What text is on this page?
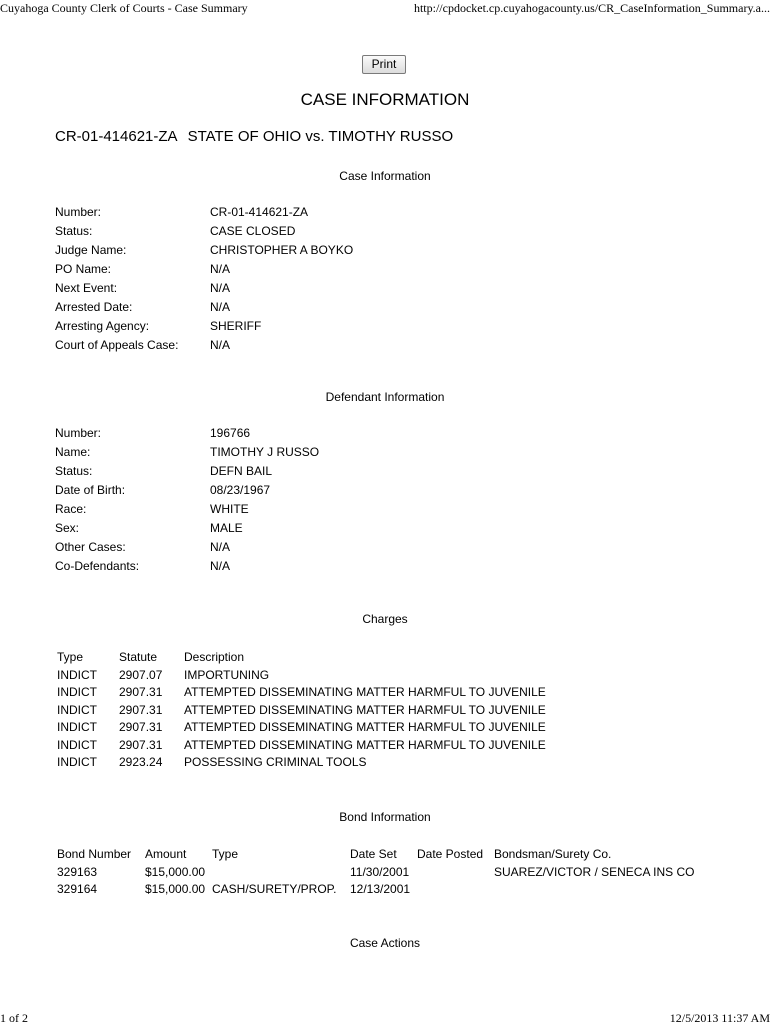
Cuyahoga County Clerk of Courts - Case Summary	http://cpdocket.cp.cuyahogacounty.us/CR_CaseInformation_Summary.a...
Print
CASE INFORMATION
CR-01-414621-ZA STATE OF OHIO vs. TIMOTHY RUSSO
Case Information
Number:	CR-01-414621-ZA
Status:	CASE CLOSED
Judge Name:	CHRISTOPHER A BOYKO
PO Name:	N/A
Next Event:	N/A
Arrested Date:	N/A
Arresting Agency:	SHERIFF
Court of Appeals Case:	N/A
Defendant Information
Number:	196766
Name:	TIMOTHY J RUSSO
Status:	DEFN BAIL
Date of Birth:	08/23/1967
Race:	WHITE
Sex:	MALE
Other Cases:	N/A
Co-Defendants:	N/A
Charges
Type	Statute	Description
INDICT	2907.07	IMPORTUNING
INDICT	2907.31	ATTEMPTED DISSEMINATING MATTER HARMFUL TO JUVENILE
INDICT	2907.31	ATTEMPTED DISSEMINATING MATTER HARMFUL TO JUVENILE
INDICT	2907.31	ATTEMPTED DISSEMINATING MATTER HARMFUL TO JUVENILE
INDICT	2907.31	ATTEMPTED DISSEMINATING MATTER HARMFUL TO JUVENILE
INDICT	2923.24	POSSESSING CRIMINAL TOOLS
Bond Information
Bond Number	Amount	Type	Date Set	Date Posted	Bondsman/Surety Co.
329163	$15,000.00		11/30/2001		SUAREZ/VICTOR / SENECA INS CO
329164	$15,000.00	CASH/SURETY/PROP.	12/13/2001		
Case Actions
1 of 2	12/5/2013 11:37 AM
